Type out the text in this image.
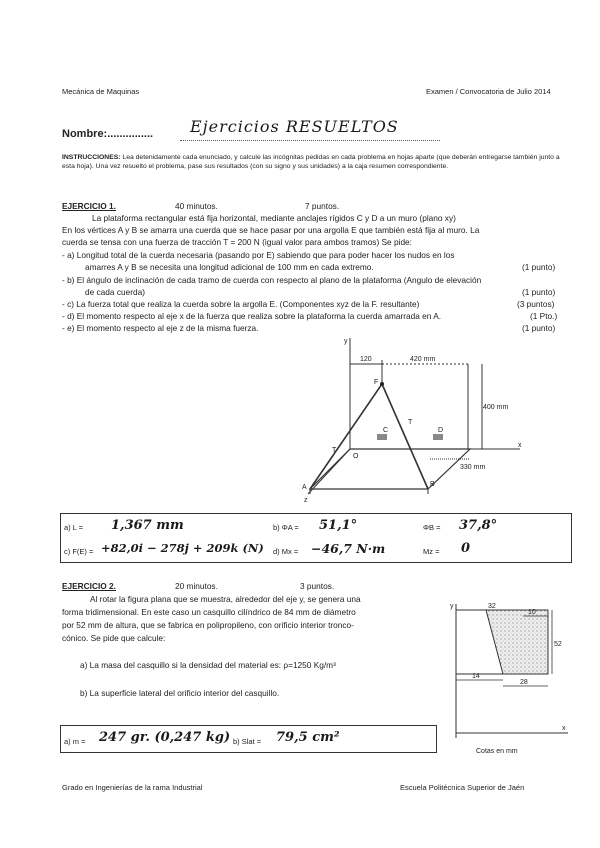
Mecánica de Maquinas	Examen / Convocatoria de Julio 2014
Nombre:............... Ejercicios RESUELTOS
INSTRUCCIONES: Lea detenidamente cada enunciado, y calcule las incógnitas pedidas en cada problema en hojas aparte (que deberán entregarse también junto a esta hoja). Una vez resuelto el problema, pase sus resultados (con su signo y sus unidades) a la caja resumen correspondiente.
EJERCICIO 1.	40 minutos.	7 puntos.
La plataforma rectangular está fija horizontal, mediante anclajes rígidos C y D a un muro (plano xy)
En los vértices A y B se amarra una cuerda que se hace pasar por una argolla E que también está fija al muro. La
cuerda se tensa con una fuerza de tracción T = 200 N (igual valor para ambos tramos) Se pide:
- a) Longitud total de la cuerda necesaria (pasando por E) sabiendo que para poder hacer los nudos en los
amarres A y B se necesita una longitud adicional de 100 mm en cada extremo.	(1 punto)
- b) El ángulo de inclinación de cada tramo de cuerda con respecto al plano de la plataforma (Angulo de elevación
de cada cuerda)	(1 punto)
- c) La fuerza total que realiza la cuerda sobre la argolla E. (Componentes xyz de la F. resultante)	(3 puntos)
- d) El momento respecto al eje x de la fuerza que realiza sobre la plataforma la cuerda amarrada en A.	(1 Pto.)
- e) El momento respecto al eje z de la misma fuerza.	(1 punto)
y
x
z
120	420 mm
400 mm
330 mm
F
C	D
T
T
O
A	B
a) L = 1,367 mm	b) ΦA = 51,1°	ΦB = 37,8°
c) F(E) = +82,0i − 278j + 209k (N) d) Mx = −46,7 N·m	Mz = 0
EJERCICIO 2.	20 minutos.	3 puntos.
Al rotar la figura plana que se muestra, alrededor del eje y, se genera una
forma tridimensional. En este caso un casquillo cilíndrico de 84 mm de diámetro
por 52 mm de altura, que se fabrica en polipropileno, con orificio interior tronco-
cónico. Se pide que calcule:
a) La masa del casquillo si la densidad del material es: ρ=1250 Kg/m³
b) La superficie lateral del orificio interior del casquillo.
a) m = 247 gr. (0,247 kg) b) Slat = 79,5 cm²
y
x
32
10
52
14
28
Cotas en mm
Grado en Ingenierías de la rama Industrial	Escuela Politécnica Superior de Jaén
